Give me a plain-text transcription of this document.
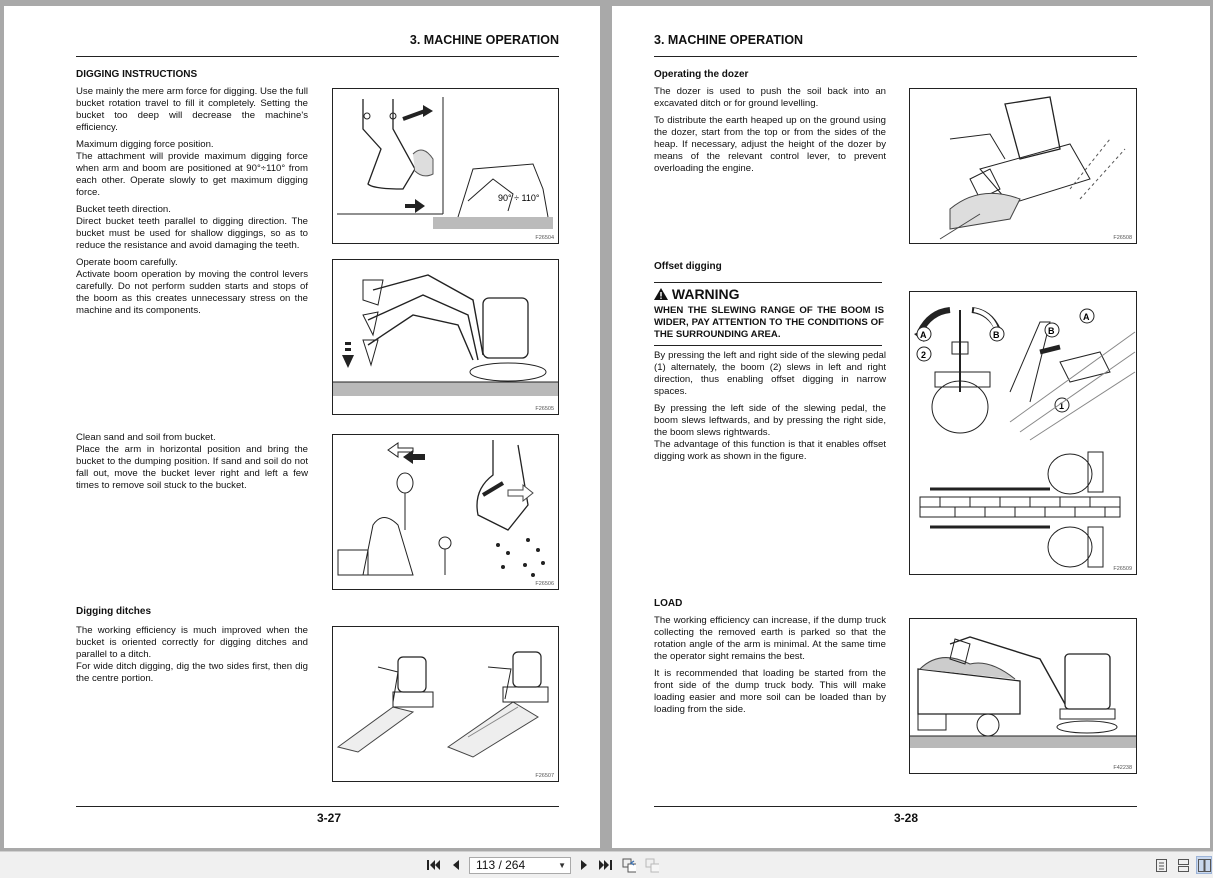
3. MACHINE OPERATION
DIGGING INSTRUCTIONS

Use mainly the mere arm force for digging. Use the full bucket rotation travel to fill it completely. Setting the bucket too deep will decrease the machine's efficiency.

Maximum digging force position.
The attachment will provide maximum digging force when arm and boom are positioned at 90°÷110° from each other. Operate slowly to get maximum digging force.

Bucket teeth direction.
Direct bucket teeth parallel to digging direction. The bucket must be used for shallow diggings, so as to reduce the resistance and avoid damaging the teeth.

Operate boom carefully.
Activate boom operation by moving the control levers carefully. Do not perform sudden starts and stops of the boom as this creates unnecessary stress on the machine and its components.

Clean sand and soil from bucket.
Place the arm in horizontal position and bring the bucket to the dumping position. If sand and soil do not fall out, move the bucket lever right and left a few times to remove soil stuck to the bucket.

Digging ditches

The working efficiency is much improved when the bucket is oriented correctly for digging ditches and parallel to a ditch.

For wide ditch digging, dig the two sides first, then dig the centre portion.

90° ÷ 110°
F26504
F26505
F26506
F26507
3-27
3. MACHINE OPERATION
Operating the dozer

The dozer is used to push the soil back into an excavated ditch or for ground levelling.

To distribute the earth heaped up on the ground using the dozer, start from the top or from the sides of the heap. If necessary, adjust the height of the dozer by means of the relevant control lever, to prevent overloading the engine.

Offset digging
WARNING
WHEN THE SLEWING RANGE OF THE BOOM IS WIDER, PAY ATTENTION TO THE CONDITIONS OF THE SURROUNDING AREA.

By pressing the left and right side of the slewing pedal (1) alternately, the boom (2) slews in left and right direction, thus enabling offset digging in narrow spaces.

By pressing the left side of the slewing pedal, the boom slews leftwards, and by pressing the right side, the boom slews rightwards.
The advantage of this function is that it enables offset digging work as shown in the figure.

LOAD

The working efficiency can increase, if the dump truck collecting the removed earth is parked so that the rotation angle of the arm is minimal. At the same time the operator sight remains the best.

It is recommended that loading be started from the front side of the dump truck body. This will make loading easier and more soil can be loaded than by loading from the side.

F26508
A	B
2
B
A
1
F26509
F42238
3-28
113 / 264	▼
